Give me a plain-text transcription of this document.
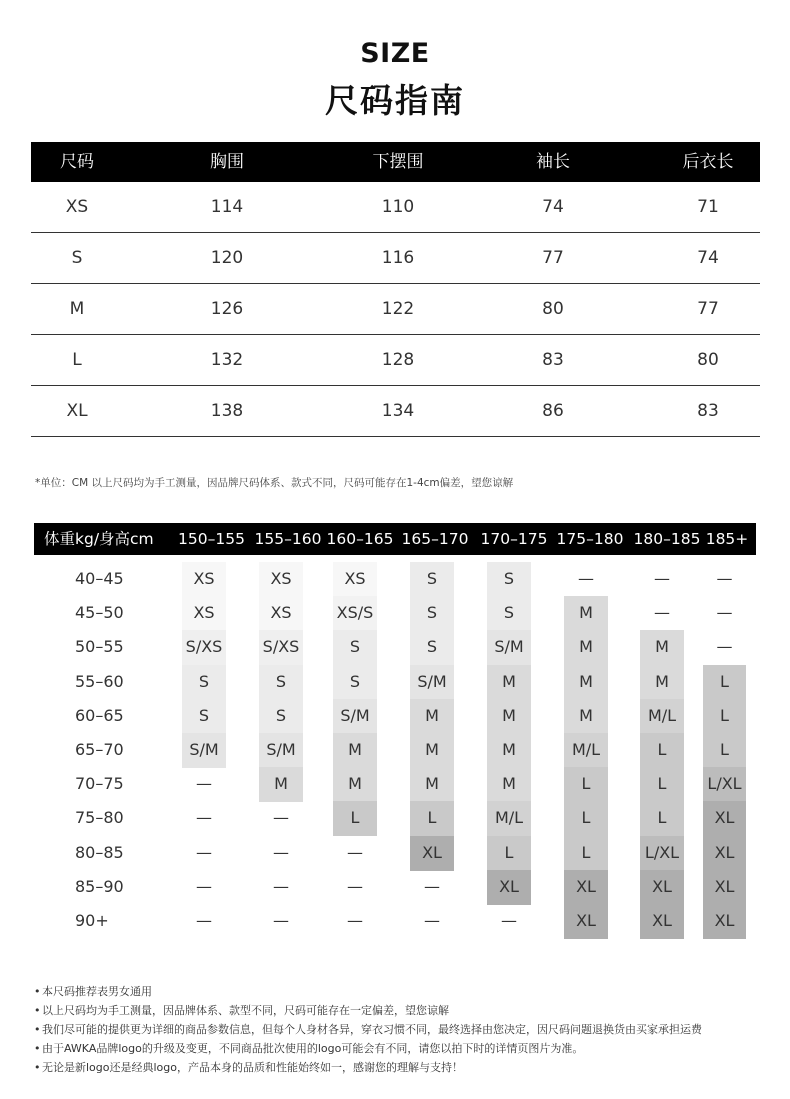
SIZE
尺码指南
尺码	胸围	下摆围	袖长	后衣长
XS	114	110	74	71
S	120	116	77	74
M	126	122	80	77
L	132	128	83	80
XL	138	134	86	83
*单位：CM 以上尺码均为手工测量，因品牌尺码体系、款式不同，尺码可能存在1-4cm偏差，望您谅解
体重kg/身高cm	150–155 155–160 160–165 165–170 170–175 175–180 180–185 185+
40–45	XS	XS	XS	S	S	—	—	—
45–50	XS	XS	XS/S	S	S	M	—	—
50–55	S/XS	S/XS	S	S	S/M	M	M	—
55–60	S	S	S	S/M	M	M	M	L
60–65	S	S	S/M	M	M	M	M/L	L
65–70	S/M	S/M	M	M	M	M/L	L	L
70–75	—	M	M	M	M	L	L	L/XL
75–80	—	—	L	L	M/L	L	L	XL
80–85	—	—	—	XL	L	L	L/XL	XL
85–90	—	—	—	—	XL	XL	XL	XL
90+	—	—	—	—	—	XL	XL	XL
• 本尺码推荐表男女通用
• 以上尺码均为手工测量，因品牌体系、款型不同，尺码可能存在一定偏差，望您谅解
• 我们尽可能的提供更为详细的商品参数信息，但每个人身材各异，穿衣习惯不同，最终选择由您决定，因尺码问题退换货由买家承担运费
• 由于AWKA品牌logo的升级及变更，不同商品批次使用的logo可能会有不同，请您以拍下时的详情页图片为准。
• 无论是新logo还是经典logo，产品本身的品质和性能始终如一，感谢您的理解与支持！
